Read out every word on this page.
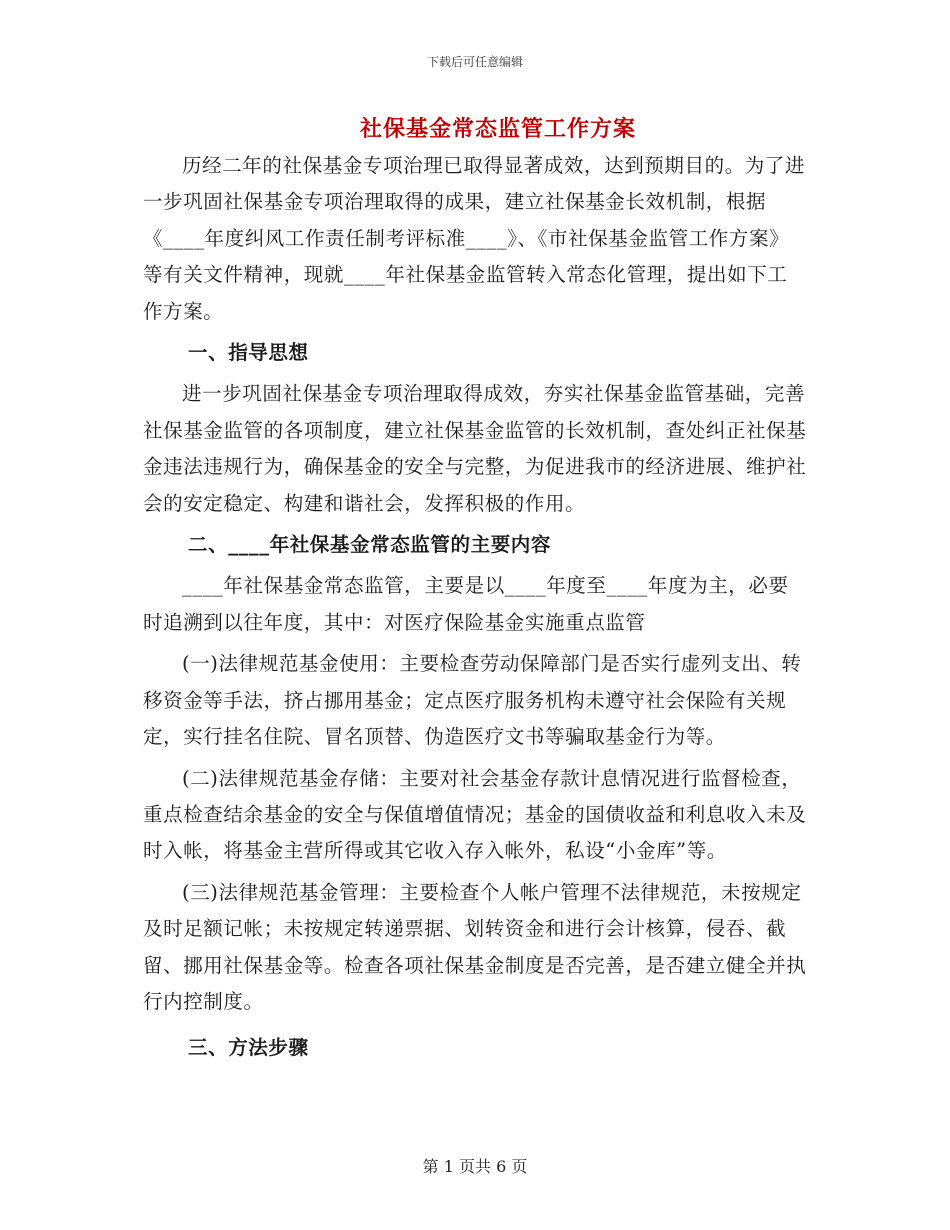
下载后可任意编辑
社保基金常态监管工作方案

历经二年的社保基金专项治理已取得显著成效，达到预期目的。为了进一步巩固社保基金专项治理取得的成果，建立社保基金长效机制，根据《____年度纠风工作责任制考评标准____》、《市社保基金监管工作方案》等有关文件精神，现就____年社保基金监管转入常态化管理，提出如下工作方案。

一、指导思想

进一步巩固社保基金专项治理取得成效，夯实社保基金监管基础，完善社保基金监管的各项制度，建立社保基金监管的长效机制，查处纠正社保基金违法违规行为，确保基金的安全与完整，为促进我市的经济进展、维护社会的安定稳定、构建和谐社会，发挥积极的作用。

二、____年社保基金常态监管的主要内容

____年社保基金常态监管，主要是以____年度至____年度为主，必要时追溯到以往年度，其中：对医疗保险基金实施重点监管

(一)法律规范基金使用：主要检查劳动保障部门是否实行虚列支出、转移资金等手法，挤占挪用基金；定点医疗服务机构未遵守社会保险有关规定，实行挂名住院、冒名顶替、伪造医疗文书等骗取基金行为等。

(二)法律规范基金存储：主要对社会基金存款计息情况进行监督检查，重点检查结余基金的安全与保值增值情况；基金的国债收益和利息收入未及时入帐，将基金主营所得或其它收入存入帐外，私设“小金库”等。

(三)法律规范基金管理：主要检查个人帐户管理不法律规范，未按规定及时足额记帐；未按规定转递票据、划转资金和进行会计核算，侵吞、截留、挪用社保基金等。检查各项社保基金制度是否完善，是否建立健全并执行内控制度。

三、方法步骤

第 1 页共 6 页
